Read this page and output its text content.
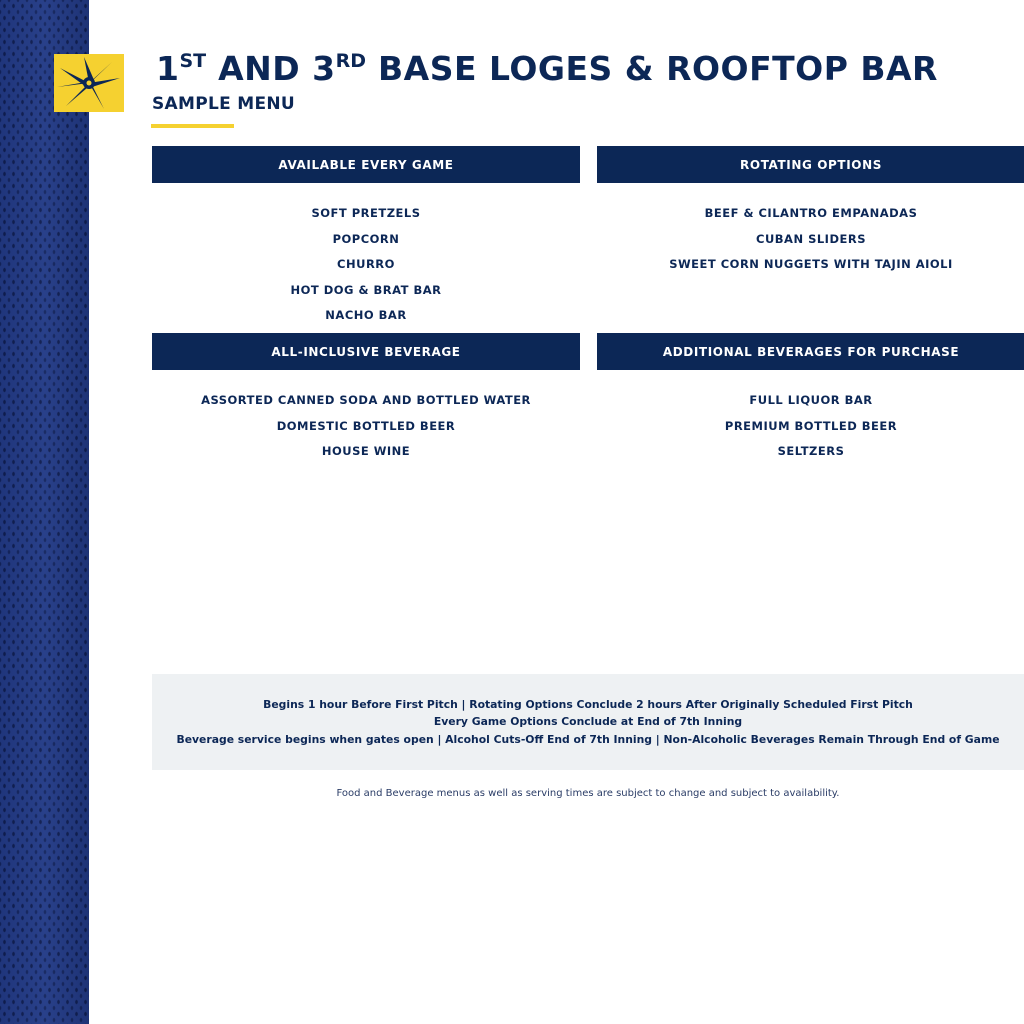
1ST AND 3RD BASE LOGES & ROOFTOP BAR
SAMPLE MENU
AVAILABLE EVERY GAME
SOFT PRETZELS
POPCORN
CHURRO
HOT DOG & BRAT BAR
NACHO BAR
ROTATING OPTIONS
BEEF & CILANTRO EMPANADAS
CUBAN SLIDERS
SWEET CORN NUGGETS WITH TAJIN AIOLI
ALL-INCLUSIVE BEVERAGE
ASSORTED CANNED SODA AND BOTTLED WATER
DOMESTIC BOTTLED BEER
HOUSE WINE
ADDITIONAL BEVERAGES FOR PURCHASE
FULL LIQUOR BAR
PREMIUM BOTTLED BEER
SELTZERS
Begins 1 hour Before First Pitch | Rotating Options Conclude 2 hours After Originally Scheduled First Pitch
Every Game Options Conclude at End of 7th Inning
Beverage service begins when gates open | Alcohol Cuts-Off End of 7th Inning | Non-Alcoholic Beverages Remain Through End of Game
Food and Beverage menus as well as serving times are subject to change and subject to availability.
